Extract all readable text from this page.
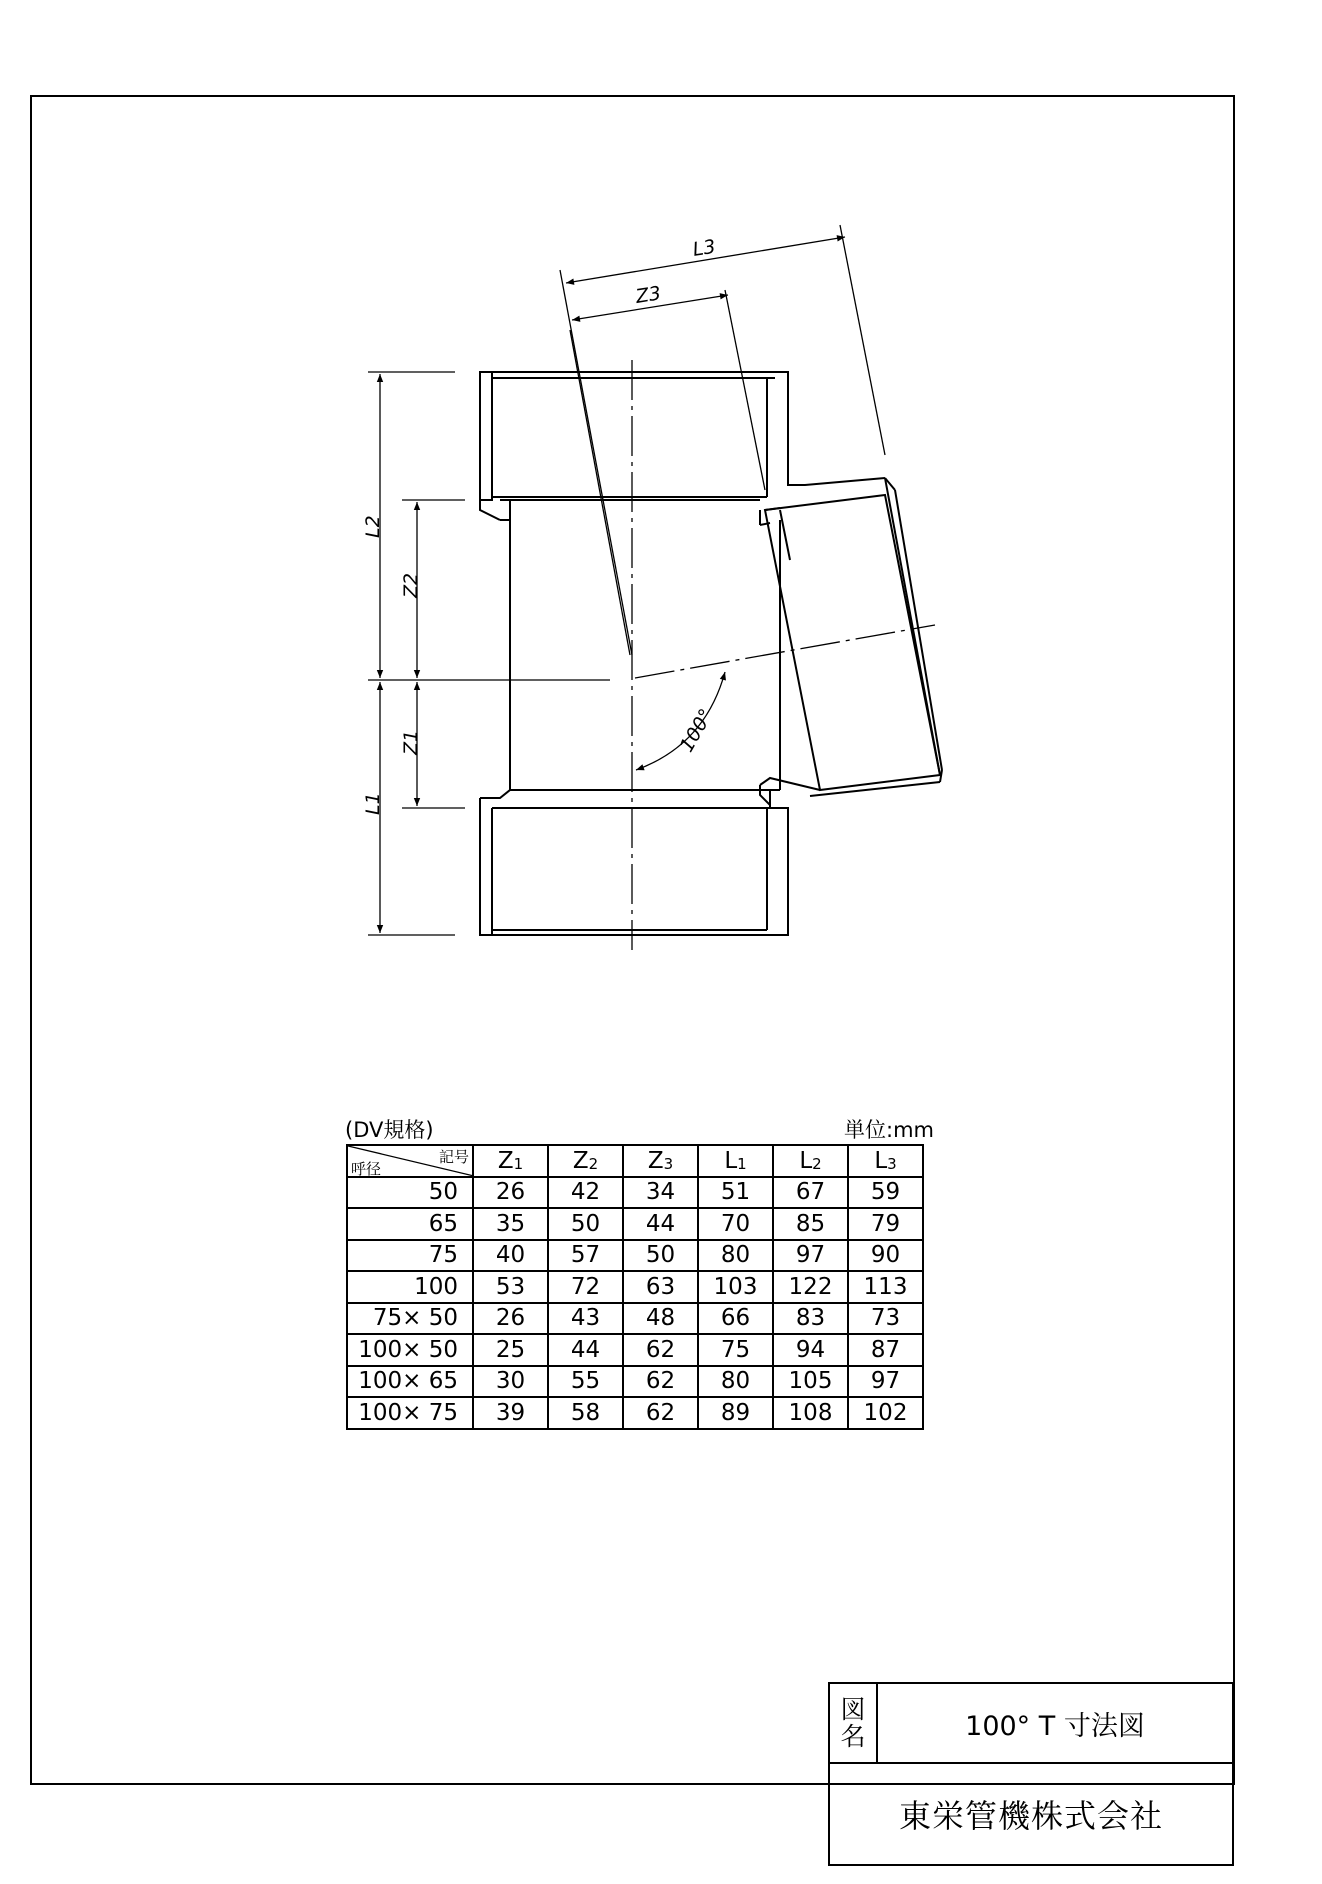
L3
Z3
L2
Z2
Z1
L1
100°
(DV規格)	単位:mm
記号
呼径	$Z_1$	$Z_2$	$Z_3$	$L_1$	$L_2$	$L_3$
50	26	42	34	51	67	59
65	35	50	44	70	85	79
75	40	57	50	80	97	90
100	53	72	63	103	122	113
75× 50	26	43	48	66	83	73
100× 50	25	44	62	75	94	87
100× 65	30	55	62	80	105	97
100× 75	39	58	62	89	108	102
図
名	100° T 寸法図
東栄管機株式会社
